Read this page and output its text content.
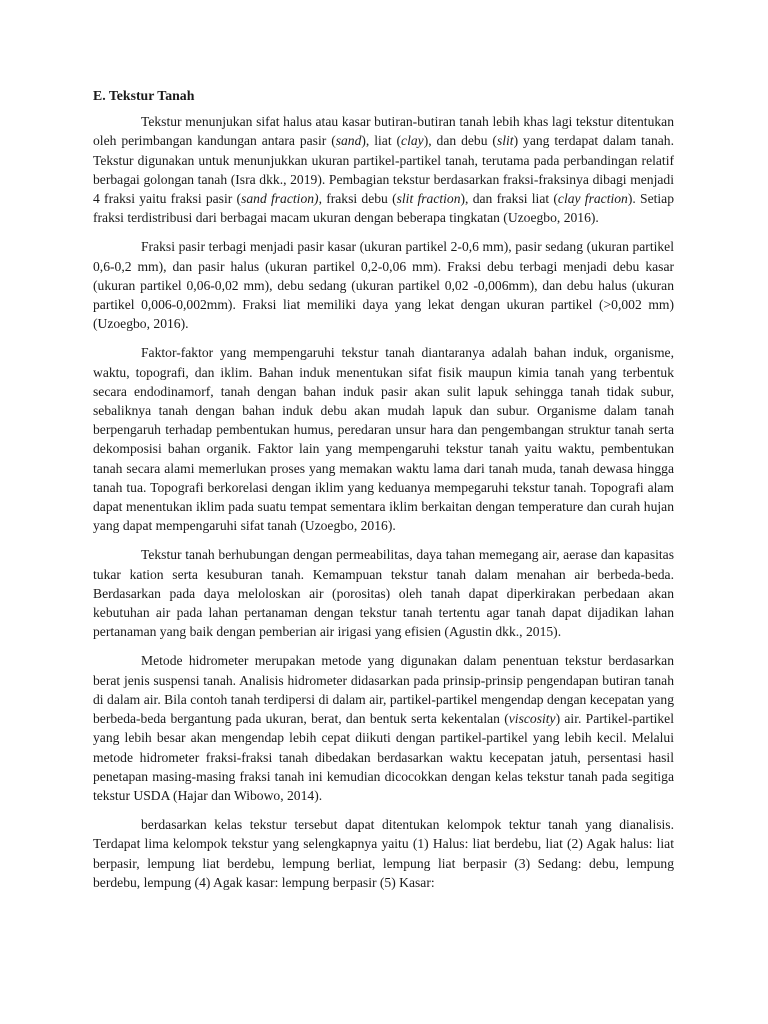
E. Tekstur Tanah

Tekstur menunjukan sifat halus atau kasar butiran-butiran tanah lebih khas lagi tekstur ditentukan oleh perimbangan kandungan antara pasir (sand), liat (clay), dan debu (slit) yang terdapat dalam tanah. Tekstur digunakan untuk menunjukkan ukuran partikel-partikel tanah, terutama pada perbandingan relatif berbagai golongan tanah (Isra dkk., 2019). Pembagian tekstur berdasarkan fraksi-fraksinya dibagi menjadi 4 fraksi yaitu fraksi pasir (sand fraction), fraksi debu (slit fraction), dan fraksi liat (clay fraction). Setiap fraksi terdistribusi dari berbagai macam ukuran dengan beberapa tingkatan (Uzoegbo, 2016).

Fraksi pasir terbagi menjadi pasir kasar (ukuran partikel 2-0,6 mm), pasir sedang (ukuran partikel 0,6-0,2 mm), dan pasir halus (ukuran partikel 0,2-0,06 mm). Fraksi debu terbagi menjadi debu kasar (ukuran partikel 0,06-0,02 mm), debu sedang (ukuran partikel 0,02 -0,006mm), dan debu halus (ukuran partikel 0,006-0,002mm). Fraksi liat memiliki daya yang lekat dengan ukuran partikel (>0,002 mm) (Uzoegbo, 2016).

Faktor-faktor yang mempengaruhi tekstur tanah diantaranya adalah bahan induk, organisme, waktu, topografi, dan iklim. Bahan induk menentukan sifat fisik maupun kimia tanah yang terbentuk secara endodinamorf, tanah dengan bahan induk pasir akan sulit lapuk sehingga tanah tidak subur, sebaliknya tanah dengan bahan induk debu akan mudah lapuk dan subur. Organisme dalam tanah berpengaruh terhadap pembentukan humus, peredaran unsur hara dan pengembangan struktur tanah serta dekomposisi bahan organik. Faktor lain yang mempengaruhi tekstur tanah yaitu waktu, pembentukan tanah secara alami memerlukan proses yang memakan waktu lama dari tanah muda, tanah dewasa hingga tanah tua. Topografi berkorelasi dengan iklim yang keduanya mempegaruhi tekstur tanah. Topografi alam dapat menentukan iklim pada suatu tempat sementara iklim berkaitan dengan temperature dan curah hujan yang dapat mempengaruhi sifat tanah (Uzoegbo, 2016).

Tekstur tanah berhubungan dengan permeabilitas, daya tahan memegang air, aerase dan kapasitas tukar kation serta kesuburan tanah. Kemampuan tekstur tanah dalam menahan air berbeda-beda. Berdasarkan pada daya meloloskan air (porositas) oleh tanah dapat diperkirakan perbedaan akan kebutuhan air pada lahan pertanaman dengan tekstur tanah tertentu agar tanah dapat dijadikan lahan pertanaman yang baik dengan pemberian air irigasi yang efisien (Agustin dkk., 2015).

Metode hidrometer merupakan metode yang digunakan dalam penentuan tekstur berdasarkan berat jenis suspensi tanah. Analisis hidrometer didasarkan pada prinsip-prinsip pengendapan butiran tanah di dalam air. Bila contoh tanah terdipersi di dalam air, partikel-partikel mengendap dengan kecepatan yang berbeda-beda bergantung pada ukuran, berat, dan bentuk serta kekentalan (viscosity) air. Partikel-partikel yang lebih besar akan mengendap lebih cepat diikuti dengan partikel-partikel yang lebih kecil. Melalui metode hidrometer fraksi-fraksi tanah dibedakan berdasarkan waktu kecepatan jatuh, persentasi hasil penetapan masing-masing fraksi tanah ini kemudian dicocokkan dengan kelas tekstur tanah pada segitiga tekstur USDA (Hajar dan Wibowo, 2014).

berdasarkan kelas tekstur tersebut dapat ditentukan kelompok tektur tanah yang dianalisis. Terdapat lima kelompok tekstur yang selengkapnya yaitu (1) Halus: liat berdebu, liat (2) Agak halus: liat berpasir, lempung liat berdebu, lempung berliat, lempung liat berpasir (3) Sedang: debu, lempung berdebu, lempung (4) Agak kasar: lempung berpasir (5) Kasar:
